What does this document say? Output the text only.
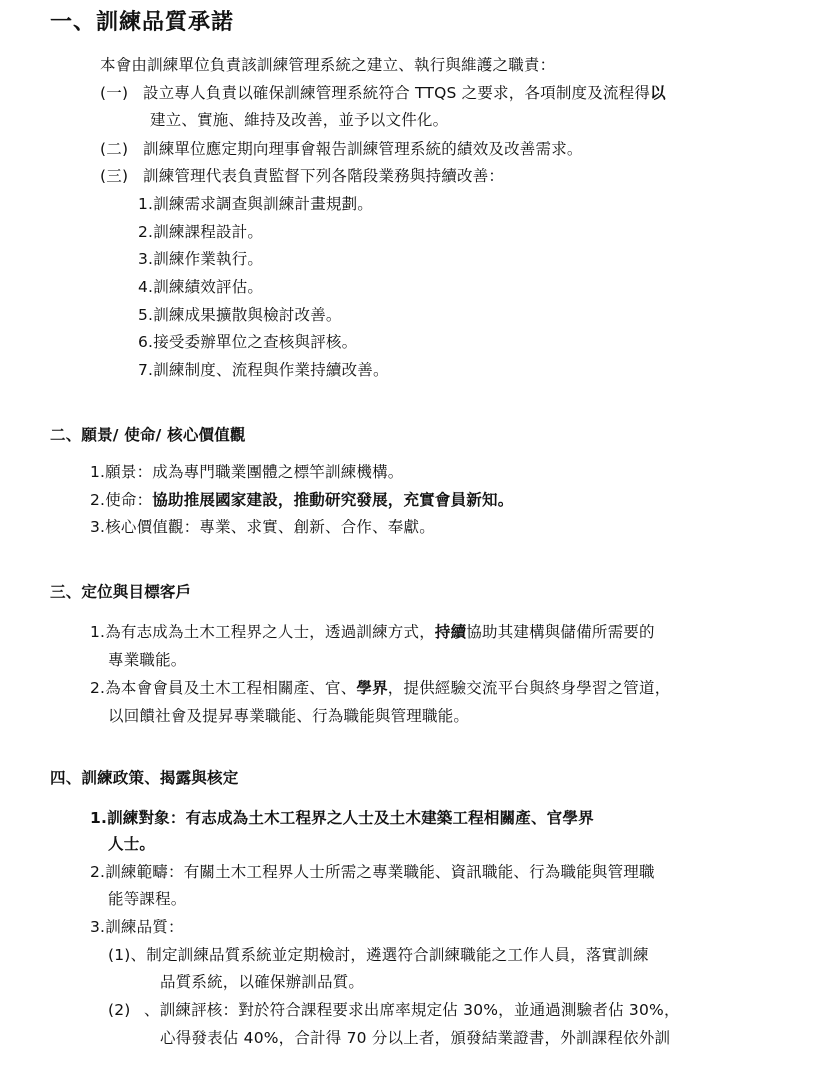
一、訓練品質承諾
本會由訓練單位負責該訓練管理系統之建立、執行與維護之職責：
(一) 設立專人負責以確保訓練管理系統符合 TTQS 之要求，各項制度及流程得以
建立、實施、維持及改善，並予以文件化。
(二) 訓練單位應定期向理事會報告訓練管理系統的績效及改善需求。
(三) 訓練管理代表負責監督下列各階段業務與持續改善：
1.訓練需求調查與訓練計畫規劃。
2.訓練課程設計。
3.訓練作業執行。
4.訓練績效評估。
5.訓練成果擴散與檢討改善。
6.接受委辦單位之查核與評核。
7.訓練制度、流程與作業持續改善。
二、願景/ 使命/ 核心價值觀
1.願景：成為專門職業團體之標竿訓練機構。
2.使命：協助推展國家建設，推動研究發展，充實會員新知。
3.核心價值觀：專業、求實、創新、合作、奉獻。
三、定位與目標客戶
1.為有志成為土木工程界之人士，透過訓練方式，持續協助其建構與儲備所需要的
專業職能。
2.為本會會員及土木工程相關產、官、學界，提供經驗交流平台與終身學習之管道，
以回饋社會及提昇專業職能、行為職能與管理職能。
四、訓練政策、揭露與核定
1.訓練對象：有志成為土木工程界之人士及土木建築工程相關產、官學界
人士。
2.訓練範疇：有關土木工程界人士所需之專業職能、資訊職能、行為職能與管理職
能等課程。
3.訓練品質：
(1)、制定訓練品質系統並定期檢討，遴選符合訓練職能之工作人員，落實訓練
品質系統，以確保辦訓品質。
(2) 、訓練評核：對於符合課程要求出席率規定佔 30%，並通過測驗者佔 30%，
心得發表佔 40%，合計得 70 分以上者，頒發結業證書，外訓課程依外訓
